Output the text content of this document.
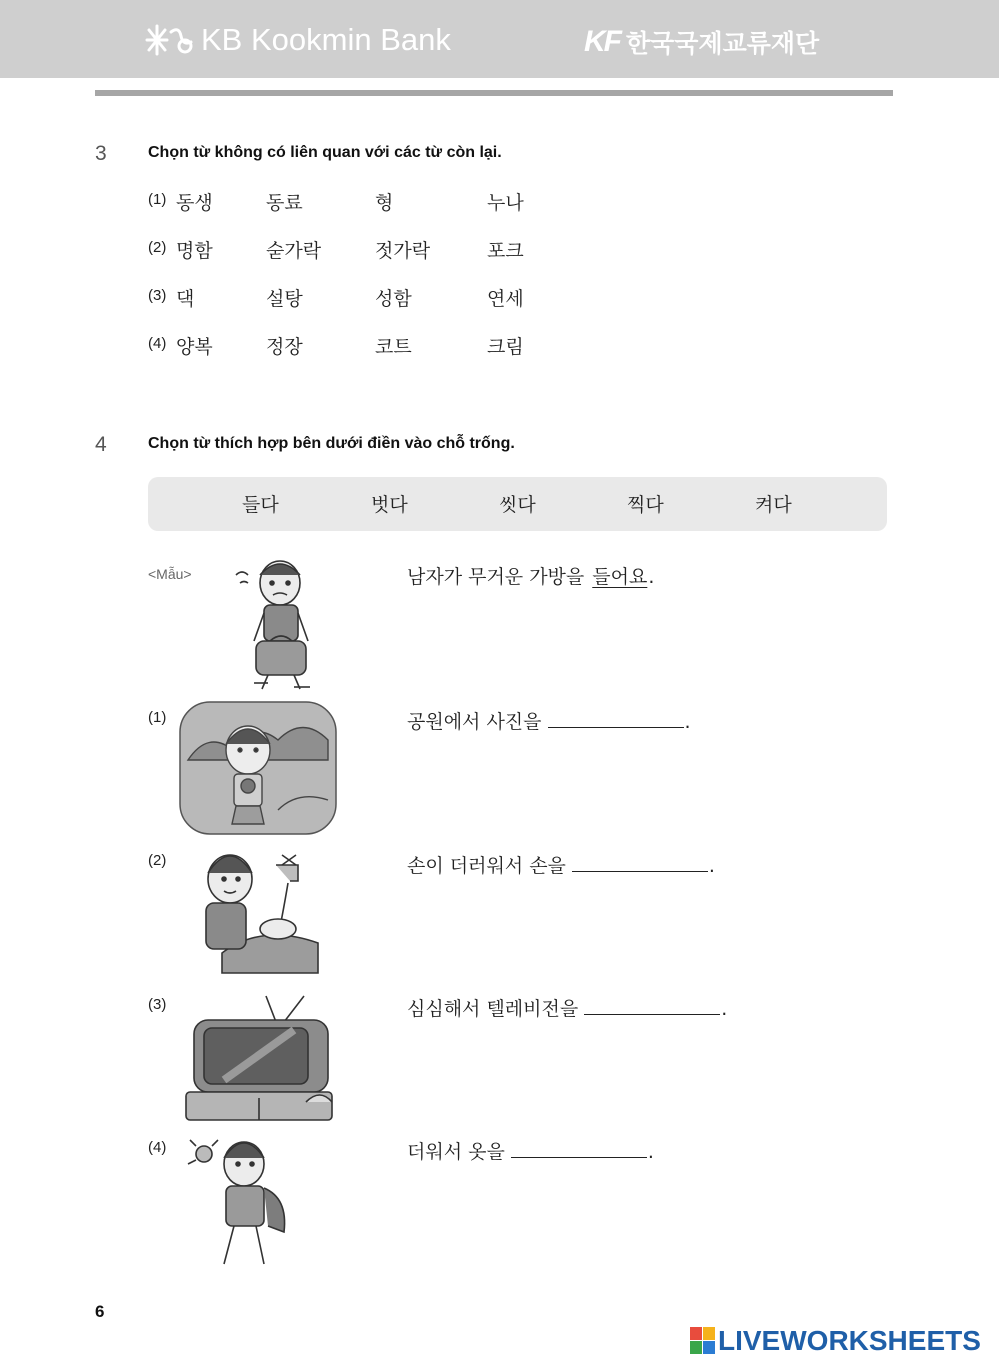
KB Kookmin Bank	KF 한국국제교류재단
3	Chọn từ không có liên quan với các từ còn lại.
(1) 동생	동료	형	누나
(2) 명함	숟가락	젓가락	포크
(3) 댁	설탕	성함	연세
(4) 양복	정장	코트	크림
4	Chọn từ thích hợp bên dưới điền vào chỗ trống.
들다	벗다	씻다	찍다	켜다
<Mẫu>	남자가 무거운 가방을 들어요 .
(1)	공원에서 사진을	.
(2)	손이 더러워서 손을	.
(3)	심심해서 텔레비전을	.
(4)	더워서 옷을	.
6
LIVEWORKSHEETS
